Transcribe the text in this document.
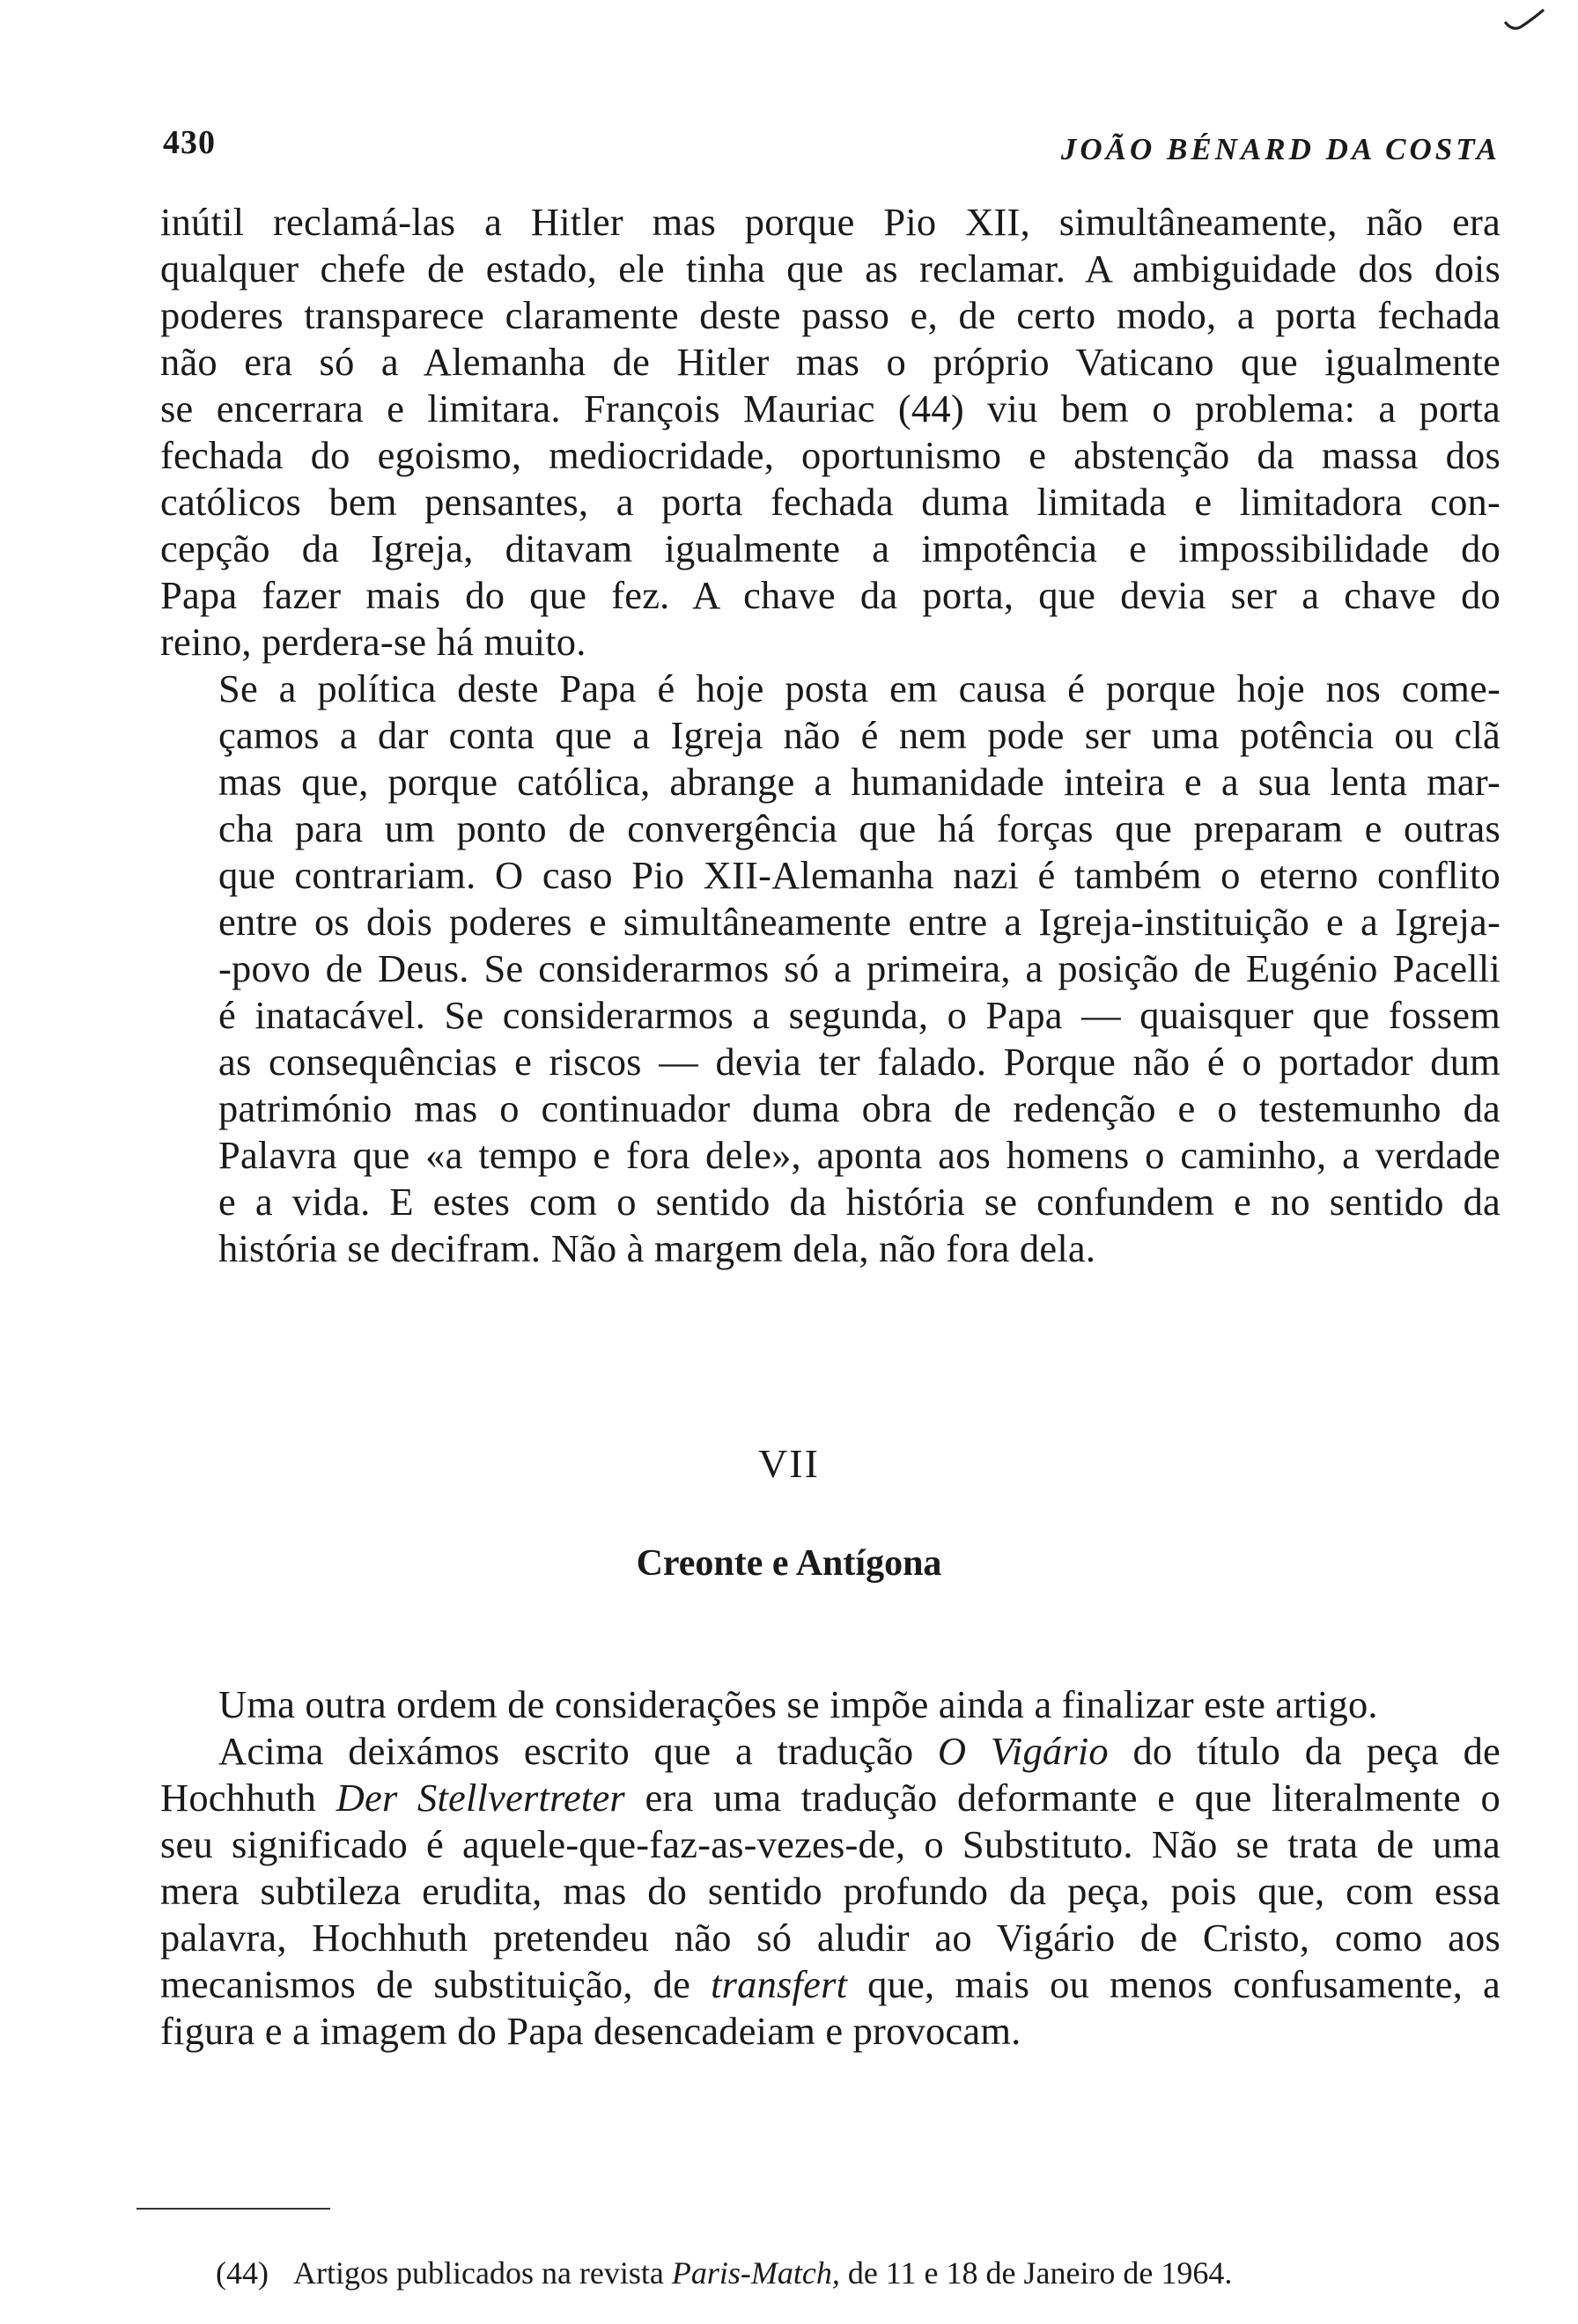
430	JOÃO BÉNARD DA COSTA

inútil reclamá-las a Hitler mas porque Pio XII, simultâneamente, não era
qualquer chefe de estado, ele tinha que as reclamar. A ambiguidade dos dois
poderes transparece claramente deste passo e, de certo modo, a porta fechada
não era só a Alemanha de Hitler mas o próprio Vaticano que igualmente
se encerrara e limitara. François Mauriac (44) viu bem o problema: a porta
fechada do egoismo, mediocridade, oportunismo e abstenção da massa dos
católicos bem pensantes, a porta fechada duma limitada e limitadora con-
cepção da Igreja, ditavam igualmente a impotência e impossibilidade do
Papa fazer mais do que fez. A chave da porta, que devia ser a chave do
reino, perdera-se há muito.

Se a política deste Papa é hoje posta em causa é porque hoje nos come-
çamos a dar conta que a Igreja não é nem pode ser uma potência ou clã
mas que, porque católica, abrange a humanidade inteira e a sua lenta mar-
cha para um ponto de convergência que há forças que preparam e outras
que contrariam. O caso Pio XII-Alemanha nazi é também o eterno conflito
entre os dois poderes e simultâneamente entre a Igreja-instituição e a Igreja-
-povo de Deus. Se considerarmos só a primeira, a posição de Eugénio Pacelli
é inatacável. Se considerarmos a segunda, o Papa — quaisquer que fossem
as consequências e riscos — devia ter falado. Porque não é o portador dum
património mas o continuador duma obra de redenção e o testemunho da
Palavra que «a tempo e fora dele», aponta aos homens o caminho, a verdade
e a vida. E estes com o sentido da história se confundem e no sentido da
história se decifram. Não à margem dela, não fora dela.

VII
Creonte e Antígona

Uma outra ordem de considerações se impõe ainda a finalizar este artigo.

Acima deixámos escrito que a tradução O Vigário do título da peça de
Hochhuth Der Stellvertreter era uma tradução deformante e que literalmente o
seu significado é aquele-que-faz-as-vezes-de, o Substituto. Não se trata de uma
mera subtileza erudita, mas do sentido profundo da peça, pois que, com essa
palavra, Hochhuth pretendeu não só aludir ao Vigário de Cristo, como aos
mecanismos de substituição, de transfert que, mais ou menos confusamente, a
figura e a imagem do Papa desencadeiam e provocam.

(44) Artigos publicados na revista Paris-Match, de 11 e 18 de Janeiro de 1964.
